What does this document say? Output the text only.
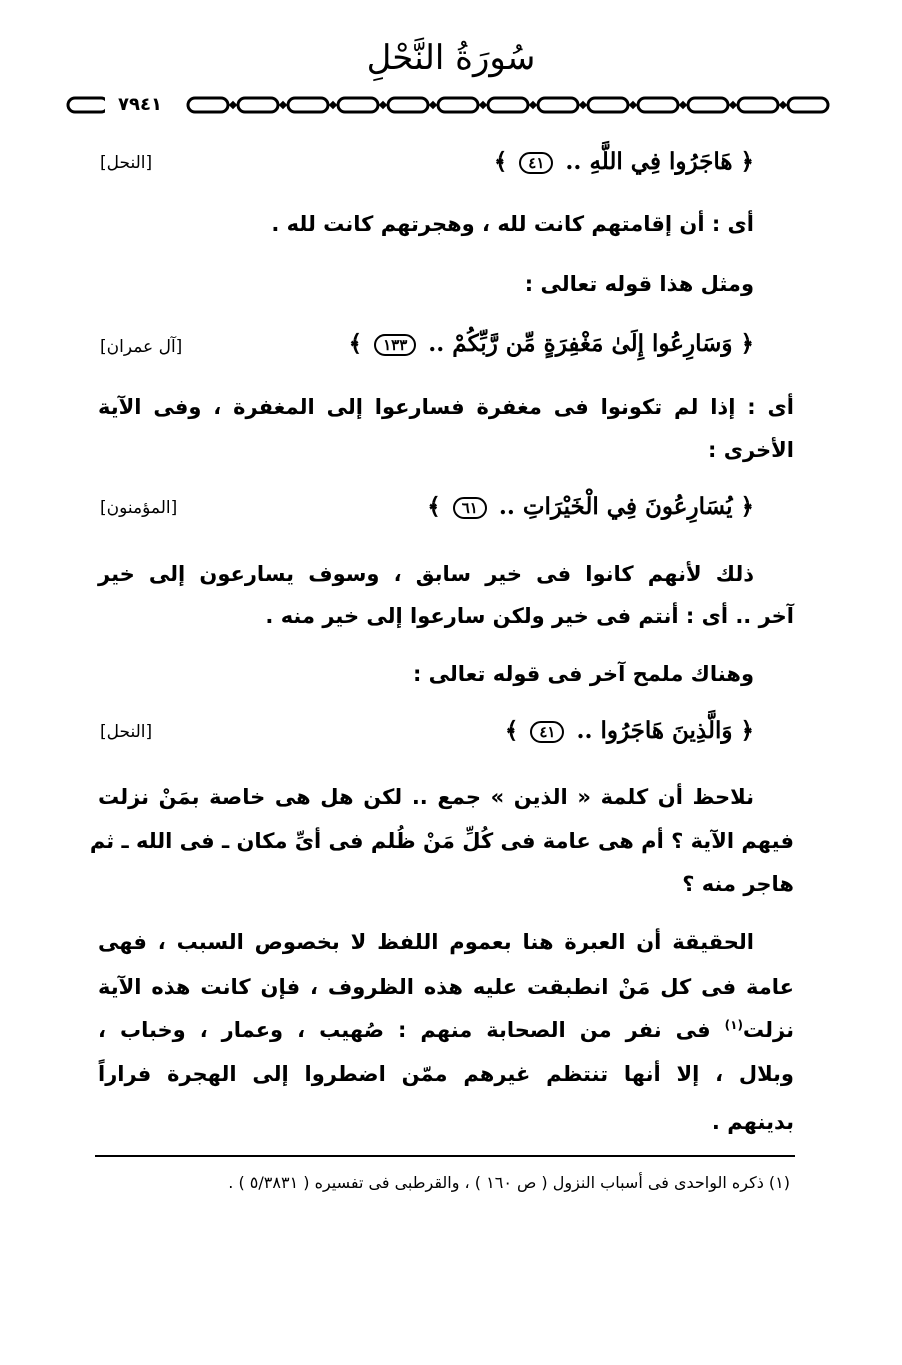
سُورَةُ النَّحْلِ
٧٩٤١
﴿ هَاجَرُوا فِي اللَّهِ .. ٤١ ﴾
[النحل]
أى : أن إقامتهم كانت لله ، وهجرتهم كانت لله .
ومثل هذا قوله تعالى :
﴿ وَسَارِعُوا إِلَىٰ مَغْفِرَةٍ مِّن رَّبِّكُمْ .. ١٣٣ ﴾
[آل عمران]
أى : إذا لم تكونوا فى مغفرة فسارعوا إلى المغفرة ، وفى الآية
الأخرى :
﴿ يُسَارِعُونَ فِي الْخَيْرَاتِ .. ٦١ ﴾
[المؤمنون]
ذلك لأنهم كانوا فى خير سابق ، وسوف يسارعون إلى خير
آخر .. أى : أنتم فى خير ولكن سارعوا إلى خير منه .
وهناك ملمح آخر فى قوله تعالى :
﴿ وَالَّذِينَ هَاجَرُوا .. ٤١ ﴾
[النحل]
نلاحظ أن كلمة « الذين » جمع .. لكن هل هى خاصة بمَنْ نزلت
فيهم الآية ؟ أم هى عامة فى كُلِّ مَنْ ظُلم فى أىِّ مكان ـ فى الله ـ ثم
هاجر منه ؟
الحقيقة أن العبرة هنا بعموم اللفظ لا بخصوص السبب ، فهى
عامة فى كل مَنْ انطبقت عليه هذه الظروف ، فإن كانت هذه الآية
نزلت$^{(١)}$ فى نفر من الصحابة منهم : صُهيب ، وعمار ، وخباب ،
وبلال ، إلا أنها تنتظم غيرهم ممّن اضطروا إلى الهجرة فراراً
بدينهم .
(١) ذكره الواحدى فى أسباب النزول ( ص ١٦٠ ) ، والقرطبى فى تفسيره ( ٥/٣٨٣١ ) .
